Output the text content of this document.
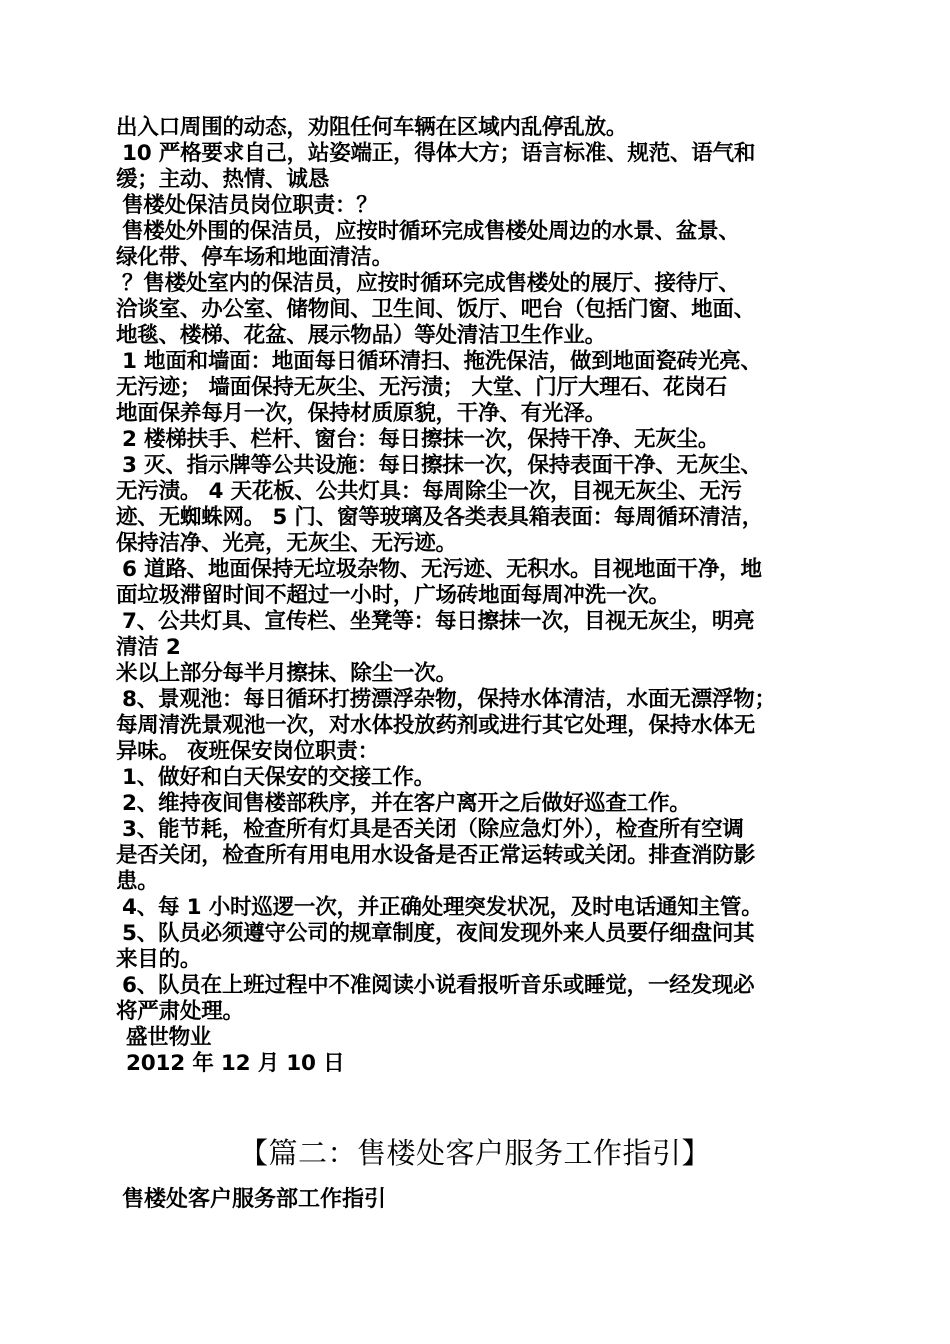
出入口周围的动态，劝阻任何车辆在区域内乱停乱放。

10 严格要求自己，站姿端正，得体大方；语言标准、规范、语气和

缓；主动、热情、诚恳

售楼处保洁员岗位职责：？

售楼处外围的保洁员，应按时循环完成售楼处周边的水景、盆景、

绿化带、停车场和地面清洁。

？售楼处室内的保洁员，应按时循环完成售楼处的展厅、接待厅、

洽谈室、办公室、储物间、卫生间、饭厅、吧台（包括门窗、地面、

地毯、楼梯、花盆、展示物品）等处清洁卫生作业。

1 地面和墙面：地面每日循环清扫、拖洗保洁，做到地面瓷砖光亮、

无污迹； 墙面保持无灰尘、无污渍； 大堂、门厅大理石、花岗石

地面保养每月一次，保持材质原貌，干净、有光泽。

2 楼梯扶手、栏杆、窗台：每日擦抹一次，保持干净、无灰尘。

3 灭、指示牌等公共设施：每日擦抹一次，保持表面干净、无灰尘、

无污渍。 4 天花板、公共灯具：每周除尘一次，目视无灰尘、无污

迹、无蜘蛛网。 5 门、窗等玻璃及各类表具箱表面：每周循环清洁，

保持洁净、光亮，无灰尘、无污迹。

6 道路、地面保持无垃圾杂物、无污迹、无积水。目视地面干净，地

面垃圾滞留时间不超过一小时，广场砖地面每周冲洗一次。

7、公共灯具、宣传栏、坐凳等：每日擦抹一次，目视无灰尘，明亮

清洁 2

米以上部分每半月擦抹、除尘一次。

8、景观池：每日循环打捞漂浮杂物，保持水体清洁，水面无漂浮物；

每周清洗景观池一次，对水体投放药剂或进行其它处理，保持水体无

异味。 夜班保安岗位职责：

1、做好和白天保安的交接工作。

2、维持夜间售楼部秩序，并在客户离开之后做好巡查工作。

3、能节耗，检查所有灯具是否关闭（除应急灯外），检查所有空调

是否关闭，检查所有用电用水设备是否正常运转或关闭。排查消防影

患。

4、每 1 小时巡逻一次，并正确处理突发状况，及时电话通知主管。

5、队员必须遵守公司的规章制度，夜间发现外来人员要仔细盘问其

来目的。

6、队员在上班过程中不准阅读小说看报听音乐或睡觉，一经发现必

将严肃处理。

盛世物业

2012 年 12 月 10 日

【篇二：售楼处客户服务工作指引】
售楼处客户服务部工作指引
